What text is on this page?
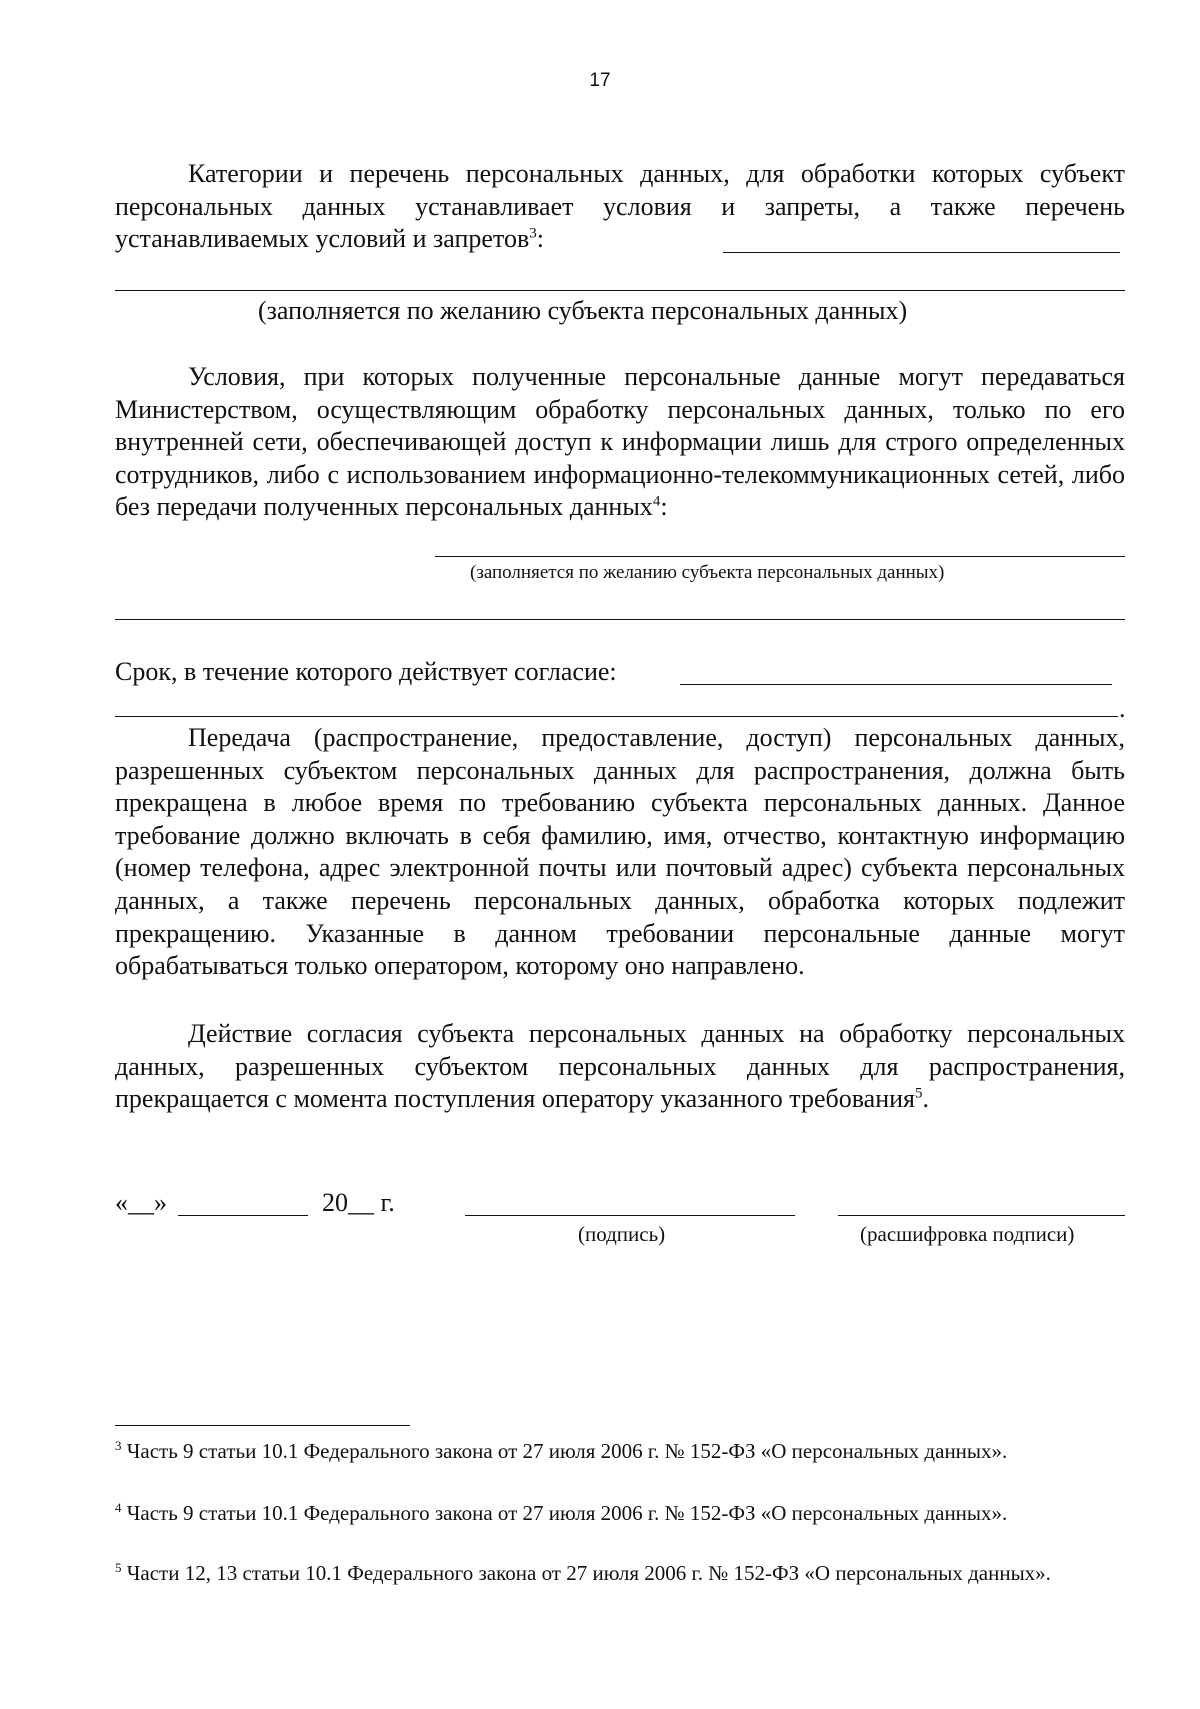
17

Категории и перечень персональных данных, для обработки которых субъект персональных данных устанавливает условия и запреты, а также перечень устанавливаемых условий и запретов$^3$:

(заполняется по желанию субъекта персональных данных)

Условия, при которых полученные персональные данные могут передаваться Министерством, осуществляющим обработку персональных данных, только по его внутренней сети, обеспечивающей доступ к информации лишь для строго определенных сотрудников, либо с использованием информационно-телекоммуникационных сетей, либо без передачи полученных персональных данных$^4$:

(заполняется по желанию субъекта персональных данных)
Срок, в течение которого действует согласие:
.

Передача (распространение, предоставление, доступ) персональных данных, разрешенных субъектом персональных данных для распространения, должна быть прекращена в любое время по требованию субъекта персональных данных. Данное требование должно включать в себя фамилию, имя, отчество, контактную информацию (номер телефона, адрес электронной почты или почтовый адрес) субъекта персональных данных, а также перечень персональных данных, обработка которых подлежит прекращению. Указанные в данном требовании персональные данные могут обрабатываться только оператором, которому оно направлено.

Действие согласия субъекта персональных данных на обработку персональных данных, разрешенных субъектом персональных данных для распространения, прекращается с момента поступления оператору указанного требования$^5$.

«__»	20__ г.
(подпись)	(расшифровка подписи)
$^3$ Часть 9 статьи 10.1 Федерального закона от 27 июля 2006 г. № 152-ФЗ «О персональных данных».
$^4$ Часть 9 статьи 10.1 Федерального закона от 27 июля 2006 г. № 152-ФЗ «О персональных данных».
$^5$ Части 12, 13 статьи 10.1 Федерального закона от 27 июля 2006 г. № 152-ФЗ «О персональных данных».
